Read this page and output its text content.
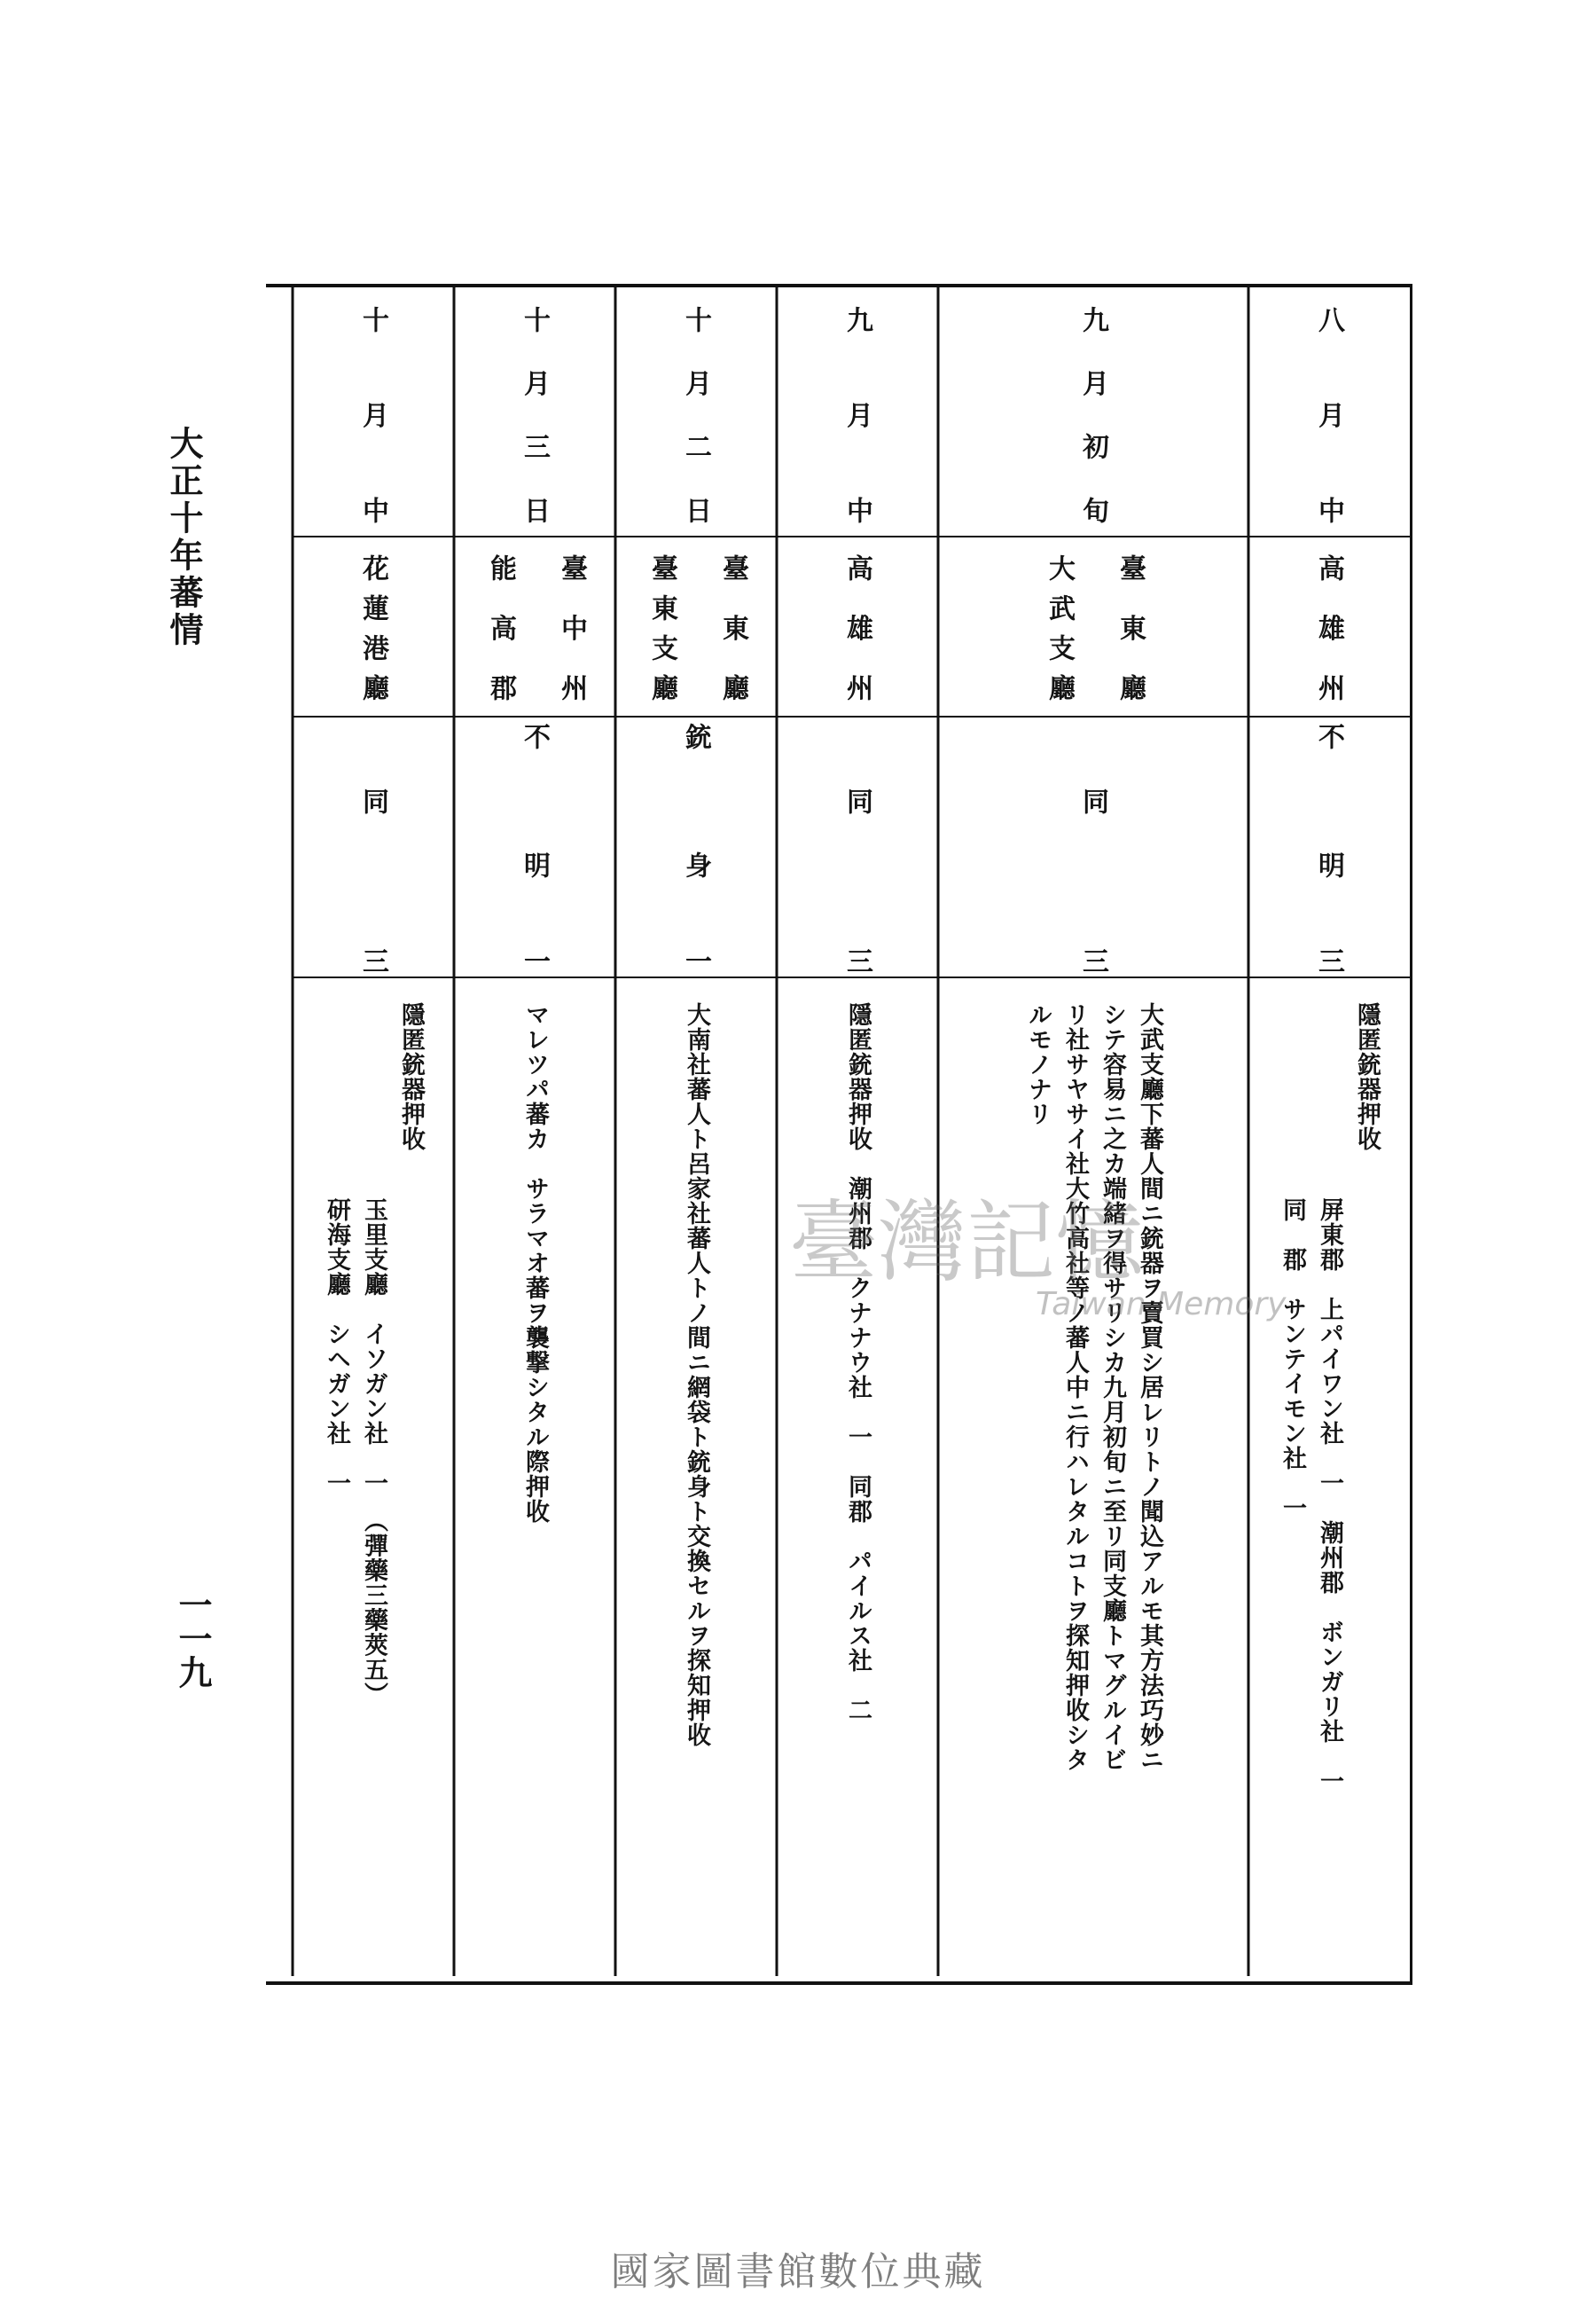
大正十年蕃情
一一九
八月中
高雄州
不明
三
隱匿銃器押收
屏東郡　上パイワン社　一　潮州郡　ボンガリ社　一
同　郡　サンテイモン社　一
九月初旬
臺東廳
大武支廳
同
三
大武支廳下蕃人間ニ銃器ヲ賣買シ居レリトノ聞込アルモ其方法巧妙ニ
シテ容易ニ之カ端緒ヲ得サリシカ九月初旬ニ至リ同支廳トマグルイビ
リ社サヤサイ社大竹高社等ノ蕃人中ニ行ハレタルコトヲ探知押收シタ
ルモノナリ
九月中
高雄州
同
三
隱匿銃器押收　潮州郡　クナナウ社　一　同郡　パイルス社　二
十月二日
臺東廳
臺東支廳
銃身
一
大南社蕃人ト呂家社蕃人トノ間ニ網袋ト銃身ト交換セルヲ探知押收
十月三日
臺中州
能高郡
不明
一
マレツパ蕃カ　サラマオ蕃ヲ襲撃シタル際押收
十月中
花蓮港廳
同
三
隱匿銃器押收
玉里支廳　イソガン社　一　（彈藥三藥莢五）
研海支廳　シヘガン社　一	臺灣記憶
Taiwan Memory
國家圖書館數位典藏
